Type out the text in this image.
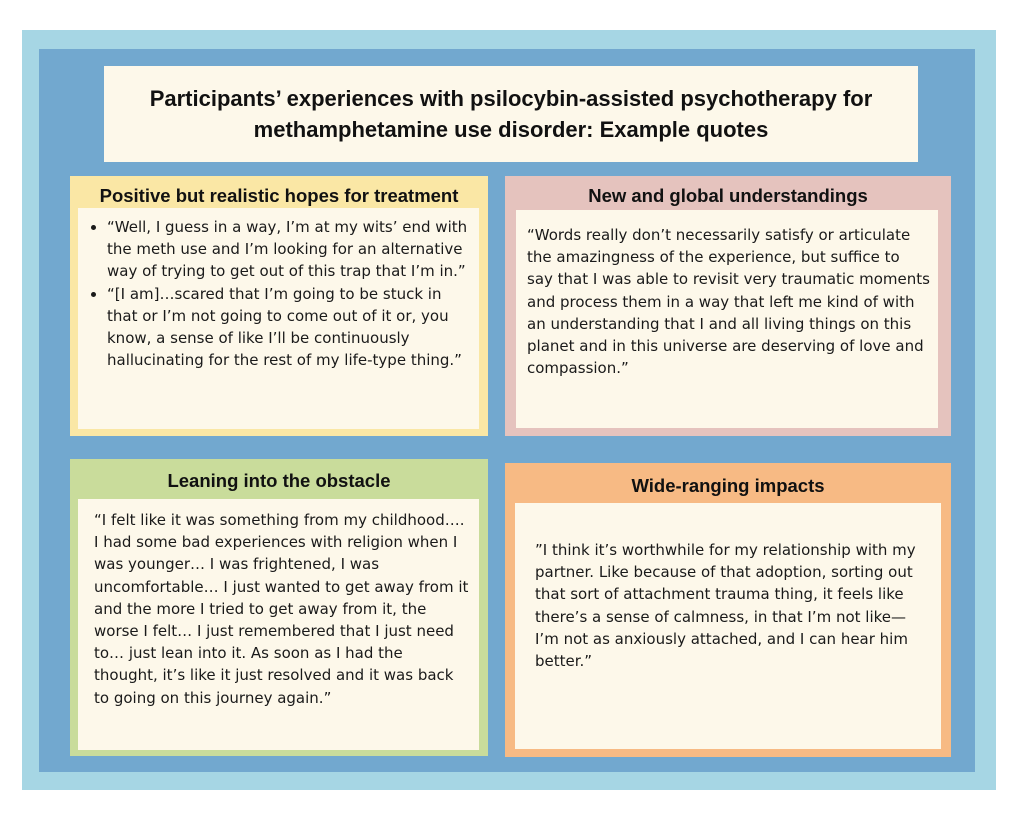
Participants’ experiences with psilocybin-assisted psychotherapy for methamphetamine use disorder: Example quotes
Positive but realistic hopes for treatment
• “Well, I guess in a way, I’m at my wits’ end with the meth use and I’m looking for an alternative way of trying to get out of this trap that I’m in.”
• “[I am]…scared that I’m going to be stuck in that or I’m not going to come out of it or, you know, a sense of like I’ll be continuously hallucinating for the rest of my life-type thing.”
New and global understandings

“Words really don’t necessarily satisfy or articulate the amazingness of the experience, but suffice to say that I was able to revisit very traumatic moments and process them in a way that left me kind of with an understanding that I and all living things on this planet and in this universe are deserving of love and compassion.”

Leaning into the obstacle

“I felt like it was something from my childhood…. I had some bad experiences with religion when I was younger… I was frightened, I was uncomfortable… I just wanted to get away from it and the more I tried to get away from it, the worse I felt… I just remembered that I just need to… just lean into it. As soon as I had the thought, it’s like it just resolved and it was back to going on this journey again.”

Wide-ranging impacts

”I think it’s worthwhile for my relationship with my partner. Like because of that adoption, sorting out that sort of attachment trauma thing, it feels like there’s a sense of calmness, in that I’m not like—I’m not as anxiously attached, and I can hear him better.”
